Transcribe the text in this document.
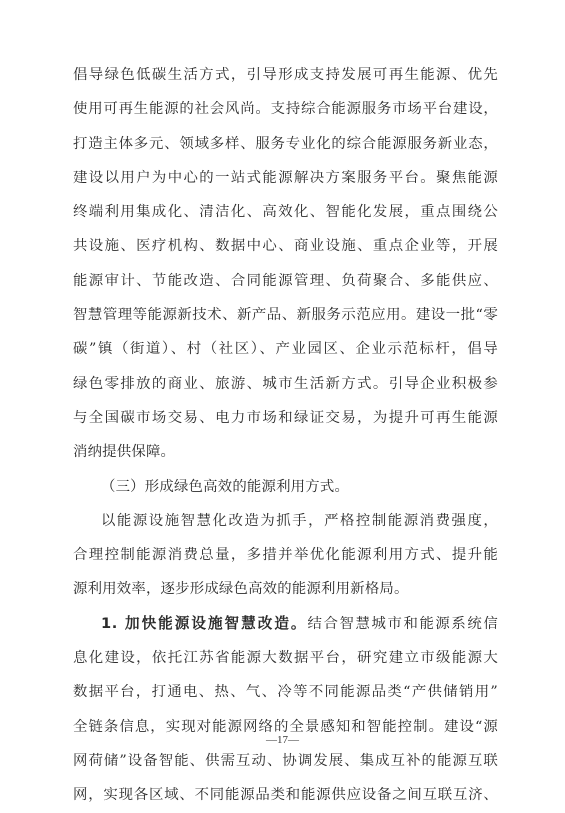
倡导绿色低碳生活方式，引导形成支持发展可再生能源、优先
使用可再生能源的社会风尚。支持综合能源服务市场平台建设，
打造主体多元、领域多样、服务专业化的综合能源服务新业态，
建设以用户为中心的一站式能源解决方案服务平台。聚焦能源
终端利用集成化、清洁化、高效化、智能化发展，重点围绕公
共设施、医疗机构、数据中心、商业设施、重点企业等，开展
能源审计、节能改造、合同能源管理、负荷聚合、多能供应、
智慧管理等能源新技术、新产品、新服务示范应用。建设一批“零
碳”镇（街道）、村（社区）、产业园区、企业示范标杆，倡导
绿色零排放的商业、旅游、城市生活新方式。引导企业积极参
与全国碳市场交易、电力市场和绿证交易，为提升可再生能源
消纳提供保障。
（三）形成绿色高效的能源利用方式。
以能源设施智慧化改造为抓手，严格控制能源消费强度，
合理控制能源消费总量，多措并举优化能源利用方式、提升能
源利用效率，逐步形成绿色高效的能源利用新格局。
1. 加快能源设施智慧改造。结合智慧城市和能源系统信
息化建设，依托江苏省能源大数据平台，研究建立市级能源大
数据平台，打通电、热、气、冷等不同能源品类“产供储销用”
全链条信息，实现对能源网络的全景感知和智能控制。建设“源
网荷储”设备智能、供需互动、协调发展、集成互补的能源互联
网，实现各区域、不同能源品类和能源供应设备之间互联互济、
—17—
